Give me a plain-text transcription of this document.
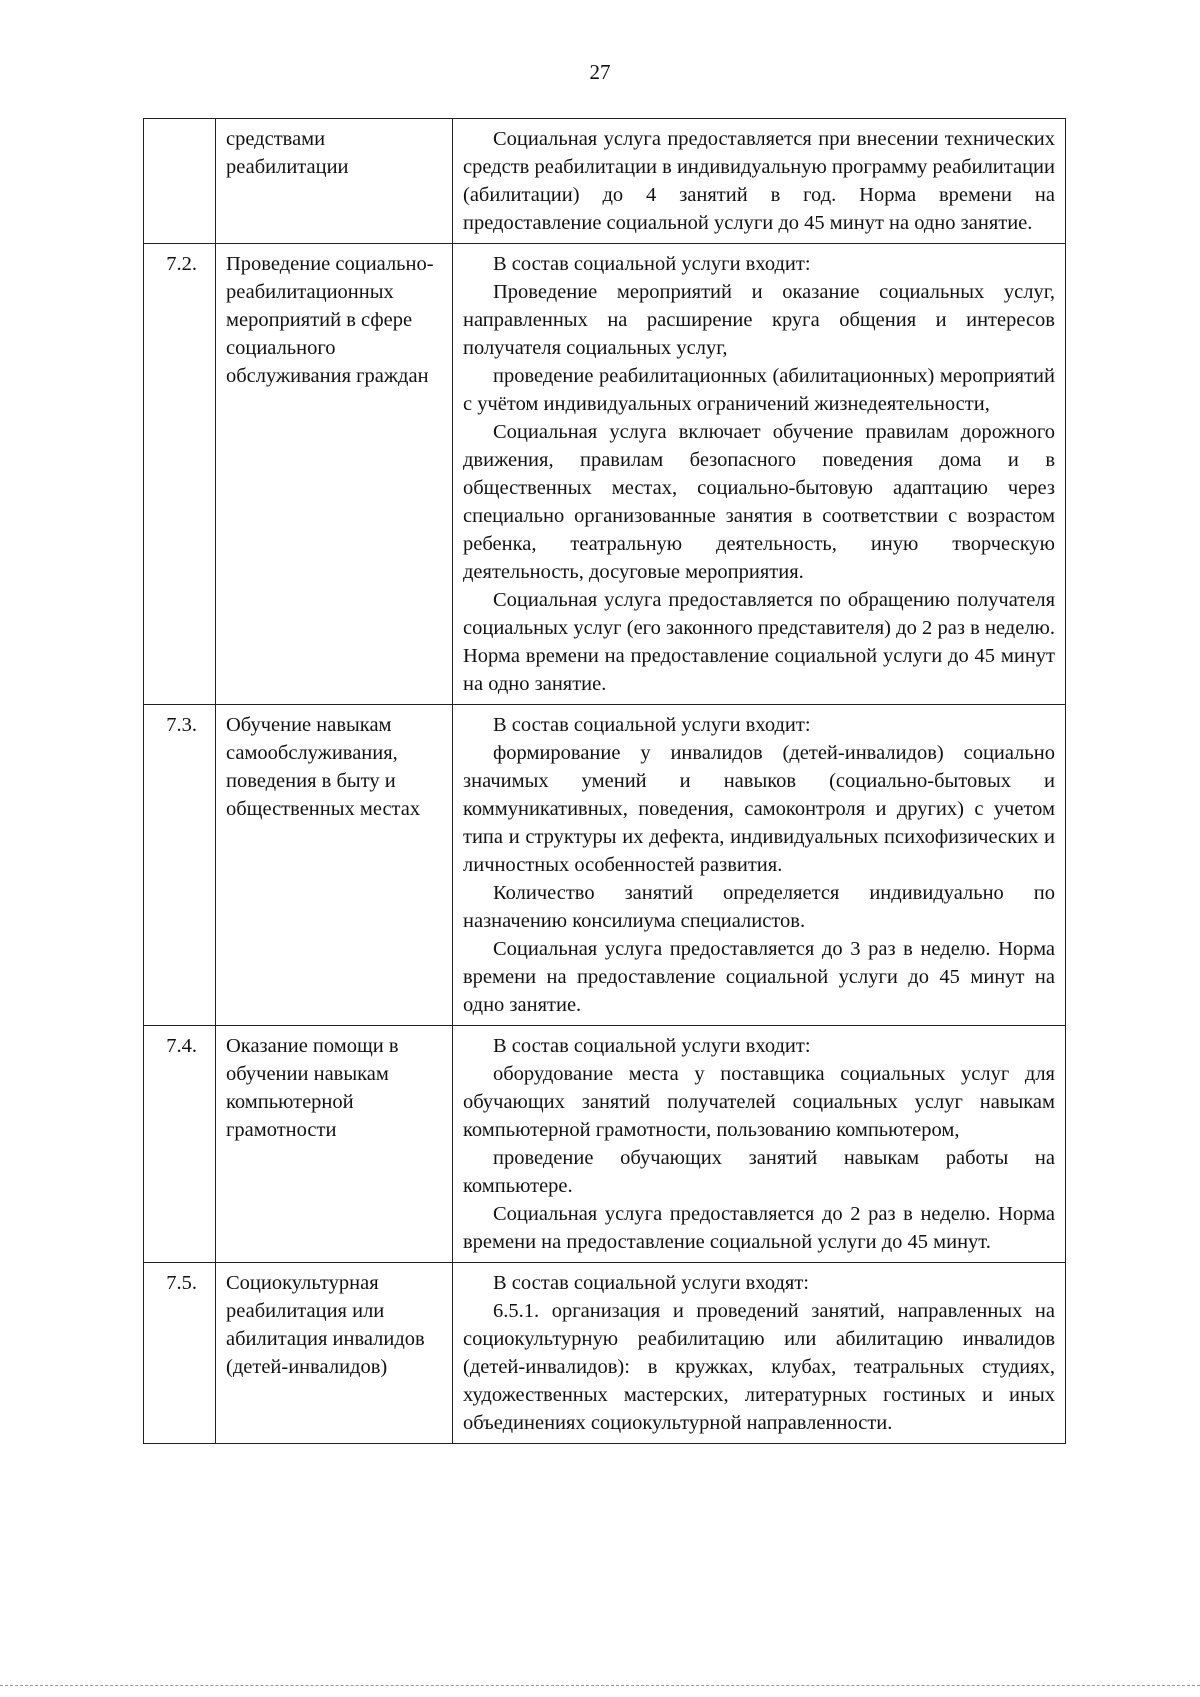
27
	средствами реабилитации	Социальная услуга предоставляется при внесении технических средств реабилитации в индивидуальную программу реабилитации (абилитации) до 4 занятий в год. Норма времени на предоставление социальной услуги до 45 минут на одно занятие.

7.2.	Проведение социально-реабилитационных мероприятий в сфере социального обслуживания граждан	В состав социальной услуги входит:

Проведение мероприятий и оказание социальных услуг, направленных на расширение круга общения и интересов получателя социальных услуг,

проведение реабилитационных (абилитационных) мероприятий с учётом индивидуальных ограничений жизнедеятельности,

Социальная услуга включает обучение правилам дорожного движения, правилам безопасного поведения дома и в общественных местах, социально-бытовую адаптацию через специально организованные занятия в соответствии с возрастом ребенка, театральную деятельность, иную творческую деятельность, досуговые мероприятия.

Социальная услуга предоставляется по обращению получателя социальных услуг (его законного представителя) до 2 раз в неделю. Норма времени на предоставление социальной услуги до 45 минут на одно занятие.

7.3.	Обучение навыкам самообслуживания, поведения в быту и общественных местах	В состав социальной услуги входит:

формирование у инвалидов (детей-инвалидов) социально значимых умений и навыков (социально-бытовых и коммуникативных, поведения, самоконтроля и других) с учетом типа и структуры их дефекта, индивидуальных психофизических и личностных особенностей развития.

Количество занятий определяется индивидуально по назначению консилиума специалистов.

Социальная услуга предоставляется до 3 раз в неделю. Норма времени на предоставление социальной услуги до 45 минут на одно занятие.

7.4.	Оказание помощи в обучении навыкам компьютерной грамотности	В состав социальной услуги входит:

оборудование места у поставщика социальных услуг для обучающих занятий получателей социальных услуг навыкам компьютерной грамотности, пользованию компьютером,

проведение обучающих занятий навыкам работы на компьютере.

Социальная услуга предоставляется до 2 раз в неделю. Норма времени на предоставление социальной услуги до 45 минут.

7.5.	Социокультурная реабилитация или абилитация инвалидов (детей-инвалидов)	В состав социальной услуги входят:

6.5.1. организация и проведений занятий, направленных на социокультурную реабилитацию или абилитацию инвалидов (детей-инвалидов): в кружках, клубах, театральных студиях, художественных мастерских, литературных гостиных и иных объединениях социокультурной направленности.
